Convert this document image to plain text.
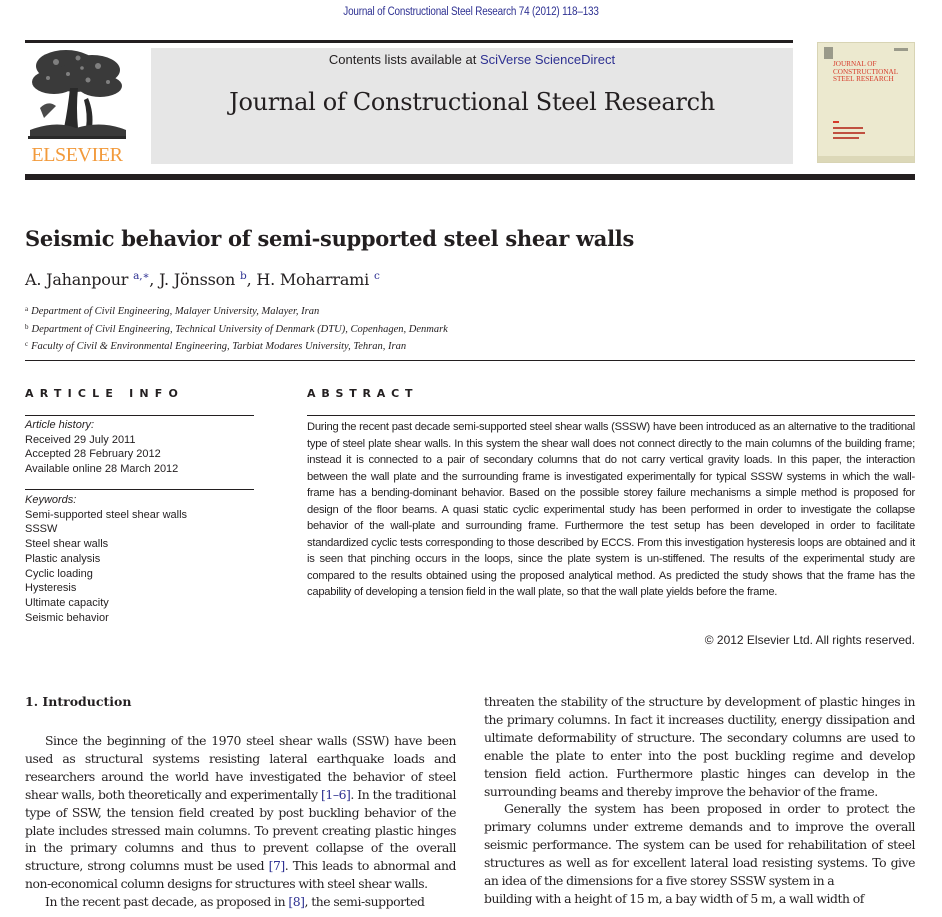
Journal of Constructional Steel Research 74 (2012) 118–133
ELSEVIER
Contents lists available at SciVerse ScienceDirect
Journal of Constructional Steel Research
JOURNAL OF
CONSTRUCTIONAL
STEEL RESEARCH
Seismic behavior of semi-supported steel shear walls
A. Jahanpour $^{a,∗}$, J. Jönsson $^b$, H. Moharrami $^c$
$^a$ Department of Civil Engineering, Malayer University, Malayer, Iran
$^b$ Department of Civil Engineering, Technical University of Denmark (DTU), Copenhagen, Denmark
$^c$ Faculty of Civil & Environmental Engineering, Tarbiat Modares University, Tehran, Iran
ARTICLE INFO	ABSTRACT
Article history:
Received 29 July 2011
Accepted 28 February 2012
Available online 28 March 2012
Keywords:
Semi-supported steel shear walls
SSSW
Steel shear walls
Plastic analysis
Cyclic loading
Hysteresis
Ultimate capacity
Seismic behavior
During the recent past decade semi-supported steel shear walls (SSSW) have been introduced as an alternative to the traditional type of steel plate shear walls. In this system the shear wall does not connect directly to the main columns of the building frame; instead it is connected to a pair of secondary columns that do not carry vertical gravity loads. In this paper, the interaction between the wall plate and the surrounding frame is investigated experimentally for typical SSSW systems in which the wall-frame has a bending-dominant behavior. Based on the possible storey failure mechanisms a simple method is proposed for design of the floor beams. A quasi static cyclic experimental study has been performed in order to investigate the collapse behavior of the wall-plate and surrounding frame. Furthermore the test setup has been developed in order to facilitate standardized cyclic tests corresponding to those described by ECCS. From this investigation hysteresis loops are obtained and it is seen that pinching occurs in the loops, since the plate system is un-stiffened. The results of the experimental study are compared to the results obtained using the proposed analytical method. As predicted the study shows that the frame has the capability of developing a tension field in the wall plate, so that the wall plate yields before the frame.
© 2012 Elsevier Ltd. All rights reserved.
1. Introduction

Since the beginning of the 1970 steel shear walls (SSW) have been used as structural systems resisting lateral earthquake loads and researchers around the world have investigated the behavior of steel shear walls, both theoretically and experimentally [1–6]. In the traditional type of SSW, the tension field created by post buckling behavior of the plate includes stressed main columns. To prevent creating plastic hinges in the primary columns and thus to prevent collapse of the overall structure, strong columns must be used [7]. This leads to abnormal and non-economical column designs for structures with steel shear walls.

In the recent past decade, as proposed in [8], the semi-supported

threaten the stability of the structure by development of plastic hinges in the primary columns. In fact it increases ductility, energy dissipation and ultimate deformability of structure. The secondary columns are used to enable the plate to enter into the post buckling regime and develop tension field action. Furthermore plastic hinges can develop in the surrounding beams and thereby improve the behavior of the frame.

Generally the system has been proposed in order to protect the primary columns under extreme demands and to improve the overall seismic performance. The system can be used for rehabilitation of steel structures as well as for excellent lateral load resisting systems. To give an idea of the dimensions for a five storey SSSW system in a

building with a height of 15 m, a bay width of 5 m, a wall width of
